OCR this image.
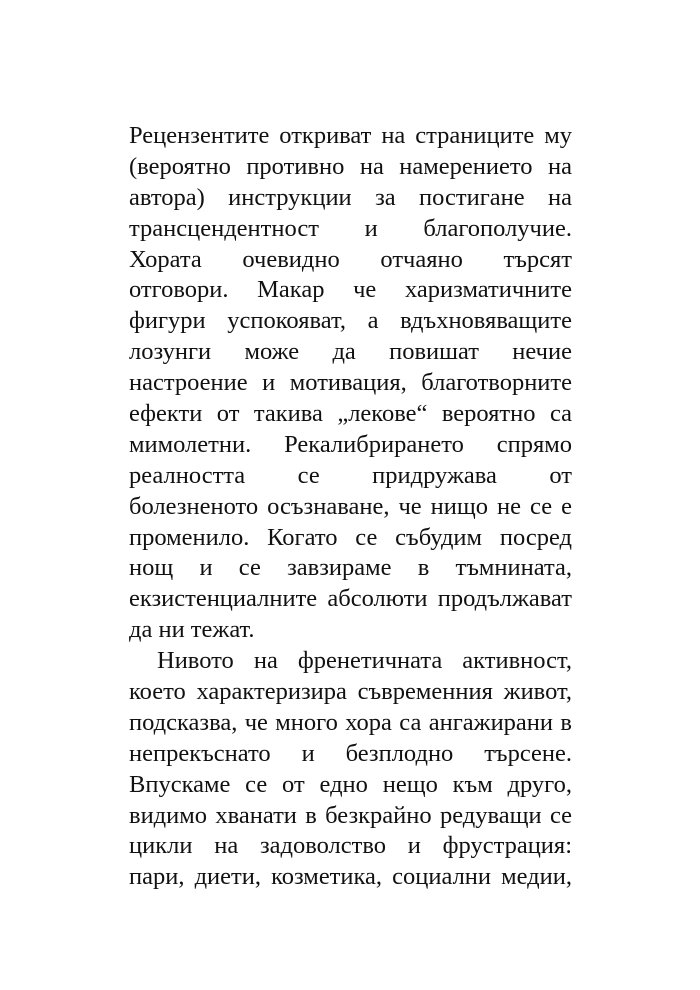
Рецензентите откриват на страниците му
(вероятно противно на намерението на
автора) инструкции за постигане на
трансцендентност и благополучие.
Хората очевидно отчаяно търсят
отговори. Макар че харизматичните
фигури успокояват, а вдъхновяващите
лозунги може да повишат нечие
настроение и мотивация, благотворните
ефекти от такива „лекове“ вероятно са
мимолетни. Рекалибрирането спрямо
реалността се придружава от
болезненото осъзнаване, че нищо не се е
променило. Когато се събудим посред
нощ и се завзираме в тъмнината,
екзистенциалните абсолюти продължават
да ни тежат.
Нивото на френетичната активност,
което характеризира съвременния живот,
подсказва, че много хора са ангажирани в
непрекъснато и безплодно търсене.
Впускаме се от едно нещо към друго,
видимо хванати в безкрайно редуващи се
цикли на задоволство и фрустрация:
пари, диети, козметика, социални медии,
